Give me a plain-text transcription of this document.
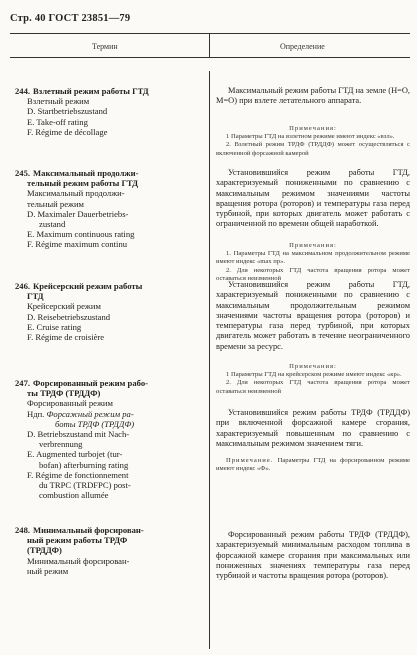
Стр. 40 ГОСТ 23851—79
Термин	Определение
244. Взлетный режим работы ГТД
Взлетный режим
D. Startbetriebszustand
E. Take-off rating
F. Régime de décollage
245. Максимальный продолжи-
тельный режим работы ГТД
Максимальный продолжи-
тельный режим
D. Maximaler Dauerbetriebs-
zustand
E. Maximum continuous rating
F. Régime maximum continu
246. Крейсерский режим работы
ГТД
Крейсерский режим
D. Reisebetriebszustand
E. Cruise rating
F. Régime de croisière
247. Форсированный режим рабо-
ты ТРДФ (ТРДДФ)
Форсированный режим
Ндп. Форсажный режим ра-
боты ТРДФ (ТРДДФ)
D. Betriebszustand mit Nach-
verbrennung
E. Augmented turbojet (tur-
bofan) afterburning rating
F. Régime de fonctionnement
du TRPC (TRDFPC) post-
combustion allumée
248. Минимальный форсирован-
ный режим работы ТРДФ
(ТРДДФ)
Минимальный форсирован-
ный режим
Максимальный режим работы ГТД на земле (Н=О, М=О) при взлете летательного аппарата.
Примечания:

1 Параметры ГТД на взлетном режиме имеют индекс «взл».

2. Взлетный режим ТРДФ (ТРДДФ) может осуществляться с включенной форсажной камерой

Установившийся режим работы ГТД, характеризуемый пониженными по сравнению с максимальным режимом значениями частоты вращения ротора (роторов) и температуры газа перед турбиной, при которых двигатель может работать с ограниченной по времени общей наработкой.
Примечания:

1. Параметры ГТД на максимальном продолжительном режиме имеют индекс «max пр».

2. Для некоторых ГТД частота вращения ротора может оставаться неизменной

Установившийся режим работы ГТД, характеризуемый пониженными по сравнению с максимальным продолжительным режимом значениями частоты вращения ротора (роторов) и температуры газа перед турбиной, при которых двигатель может работать в течение неограниченного времени за ресурс.
Примечания:

1 Параметры ГТД на крейсерском режиме имеют индекс «кр».

2. Для некоторых ГТД частота вращения ротора может оставаться неизменной

Установившийся режим работы ТРДФ (ТРДДФ) при включенной форсажной камере сгорания, характеризуемый повышенным по сравнению с максимальным режимом значением тяги.

Примечание. Параметры ГТД на форсированном режиме имеют индекс «Ф».

Форсированный режим работы ТРДФ (ТРДДФ), характеризуемый минимальным расходом топлива в форсажной камере сгорания при максимальных или пониженных значениях температуры газа перед турбиной и частоты вращения ротора (роторов).
